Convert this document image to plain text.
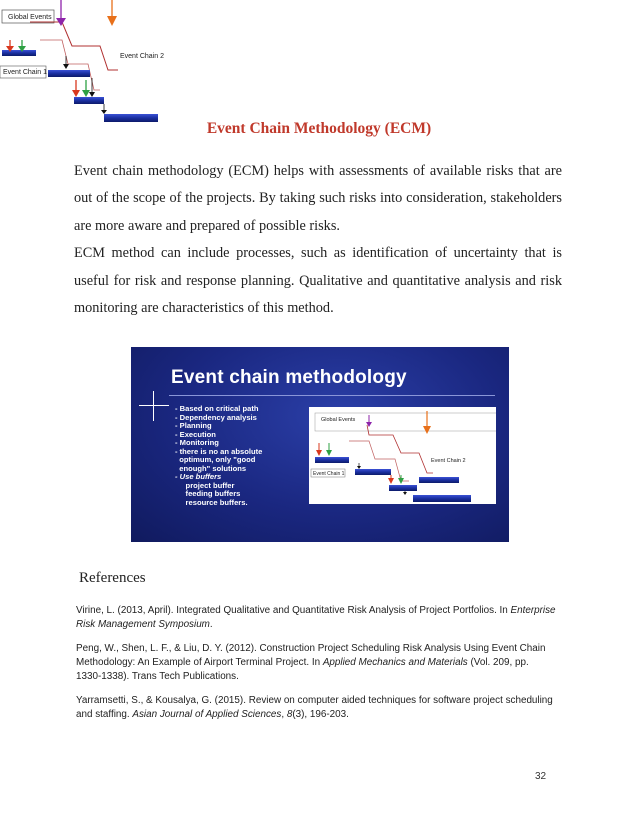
Global Events
Event Chain 2
Event Chain 1
Event Chain Methodology (ECM)

Event chain methodology (ECM) helps with assessments of available risks that are out of the scope of the projects. By taking such risks into consideration, stakeholders are more aware and prepared of possible risks.

ECM method can include processes, such as identification of uncertainty that is useful for risk and response planning. Qualitative and quantitative analysis and risk monitoring are characteristics of this method.

Event chain methodology
- Based on critical path
- Dependency analysis
- Planning
- Execution
- Monitoring
- there is no an absolute
optimum, only "good
enough" solutions
- Use buffers
project buffer
feeding buffers
resource buffers.
Global Events
Event Chain 2
Event Chain 1
References

Virine, L. (2013, April). Integrated Qualitative and Quantitative Risk Analysis of Project Portfolios. In Enterprise Risk Management Symposium.

Peng, W., Shen, L. F., & Liu, D. Y. (2012). Construction Project Scheduling Risk Analysis Using Event Chain Methodology: An Example of Airport Terminal Project. In Applied Mechanics and Materials (Vol. 209, pp. 1330-1338). Trans Tech Publications.

Yarramsetti, S., & Kousalya, G. (2015). Review on computer aided techniques for software project scheduling and staffing. Asian Journal of Applied Sciences, 8(3), 196-203.

32
